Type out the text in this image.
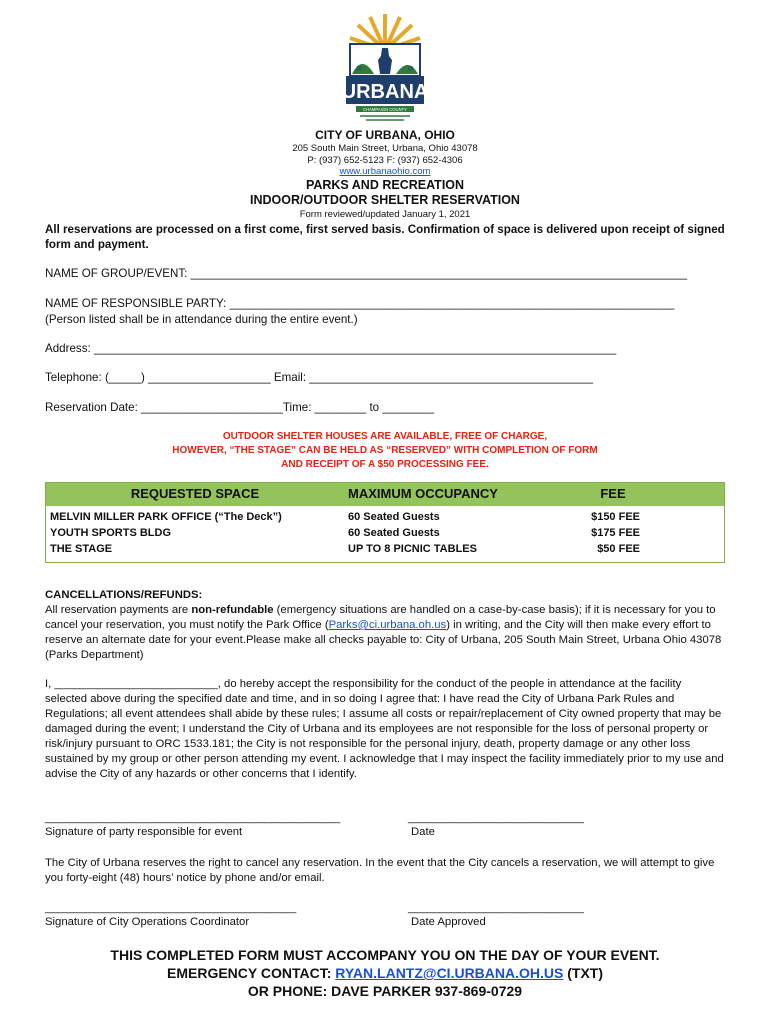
18	05
URBANA
CHAMPAIGN COUNTY
CITY OF URBANA, OHIO
205 South Main Street, Urbana, Ohio 43078
P: (937) 652-5123 F: (937) 652-4306
www.urbanaohio.com
PARKS AND RECREATION
INDOOR/OUTDOOR SHELTER RESERVATION
Form reviewed/updated January 1, 2021
All reservations are processed on a first come, first served basis. Confirmation of space is delivered upon receipt of signed form and payment.
NAME OF GROUP/EVENT: _____________________________________________________________________________
NAME OF RESPONSIBLE PARTY: _____________________________________________________________________
(Person listed shall be in attendance during the entire event.)
Address: _________________________________________________________________________________
Telephone: (_____) ___________________ Email: ____________________________________________
Reservation Date: ______________________Time: ________ to ________
OUTDOOR SHELTER HOUSES ARE AVAILABLE, FREE OF CHARGE,
HOWEVER, “THE STAGE” CAN BE HELD AS “RESERVED” WITH COMPLETION OF FORM
AND RECEIPT OF A $50 PROCESSING FEE.
REQUESTED SPACE	MAXIMUM OCCUPANCY	FEE
MELVIN MILLER PARK OFFICE (“The Deck”)	60 Seated Guests	$150 FEE
YOUTH SPORTS BLDG	60 Seated Guests	$175 FEE
THE STAGE	UP TO 8 PICNIC TABLES	$50 FEE
CANCELLATIONS/REFUNDS:
All reservation payments are non-refundable (emergency situations are handled on a case-by-case basis); if it is necessary for you to cancel your reservation, you must notify the Park Office (Parks@ci.urbana.oh.us) in writing, and the City will then make every effort to reserve an alternate date for your event.Please make all checks payable to: City of Urbana, 205 South Main Street, Urbana Ohio 43078 (Parks Department)
I, __________________________, do hereby accept the responsibility for the conduct of the people in attendance at the facility selected above during the specified date and time, and in so doing I agree that: I have read the City of Urbana Park Rules and Regulations; all event attendees shall abide by these rules; I assume all costs or repair/replacement of City owned property that may be damaged during the event; I understand the City of Urbana and its employees are not responsible for the loss of personal property or risk/injury pursuant to ORC 1533.181; the City is not responsible for the personal injury, death, property damage or any other loss sustained by my group or other person attending my event. I acknowledge that I may inspect the facility immediately prior to my use and advise the City of any hazards or other concerns that I identify.
_______________________________________________	____________________________
Signature of party responsible for event	Date
The City of Urbana reserves the right to cancel any reservation. In the event that the City cancels a reservation, we will attempt to give you forty-eight (48) hours’ notice by phone and/or email.
________________________________________	____________________________
Signature of City Operations Coordinator	Date Approved
THIS COMPLETED FORM MUST ACCOMPANY YOU ON THE DAY OF YOUR EVENT.
EMERGENCY CONTACT: RYAN.LANTZ@CI.URBANA.OH.US (TXT)
OR PHONE: DAVE PARKER 937-869-0729
